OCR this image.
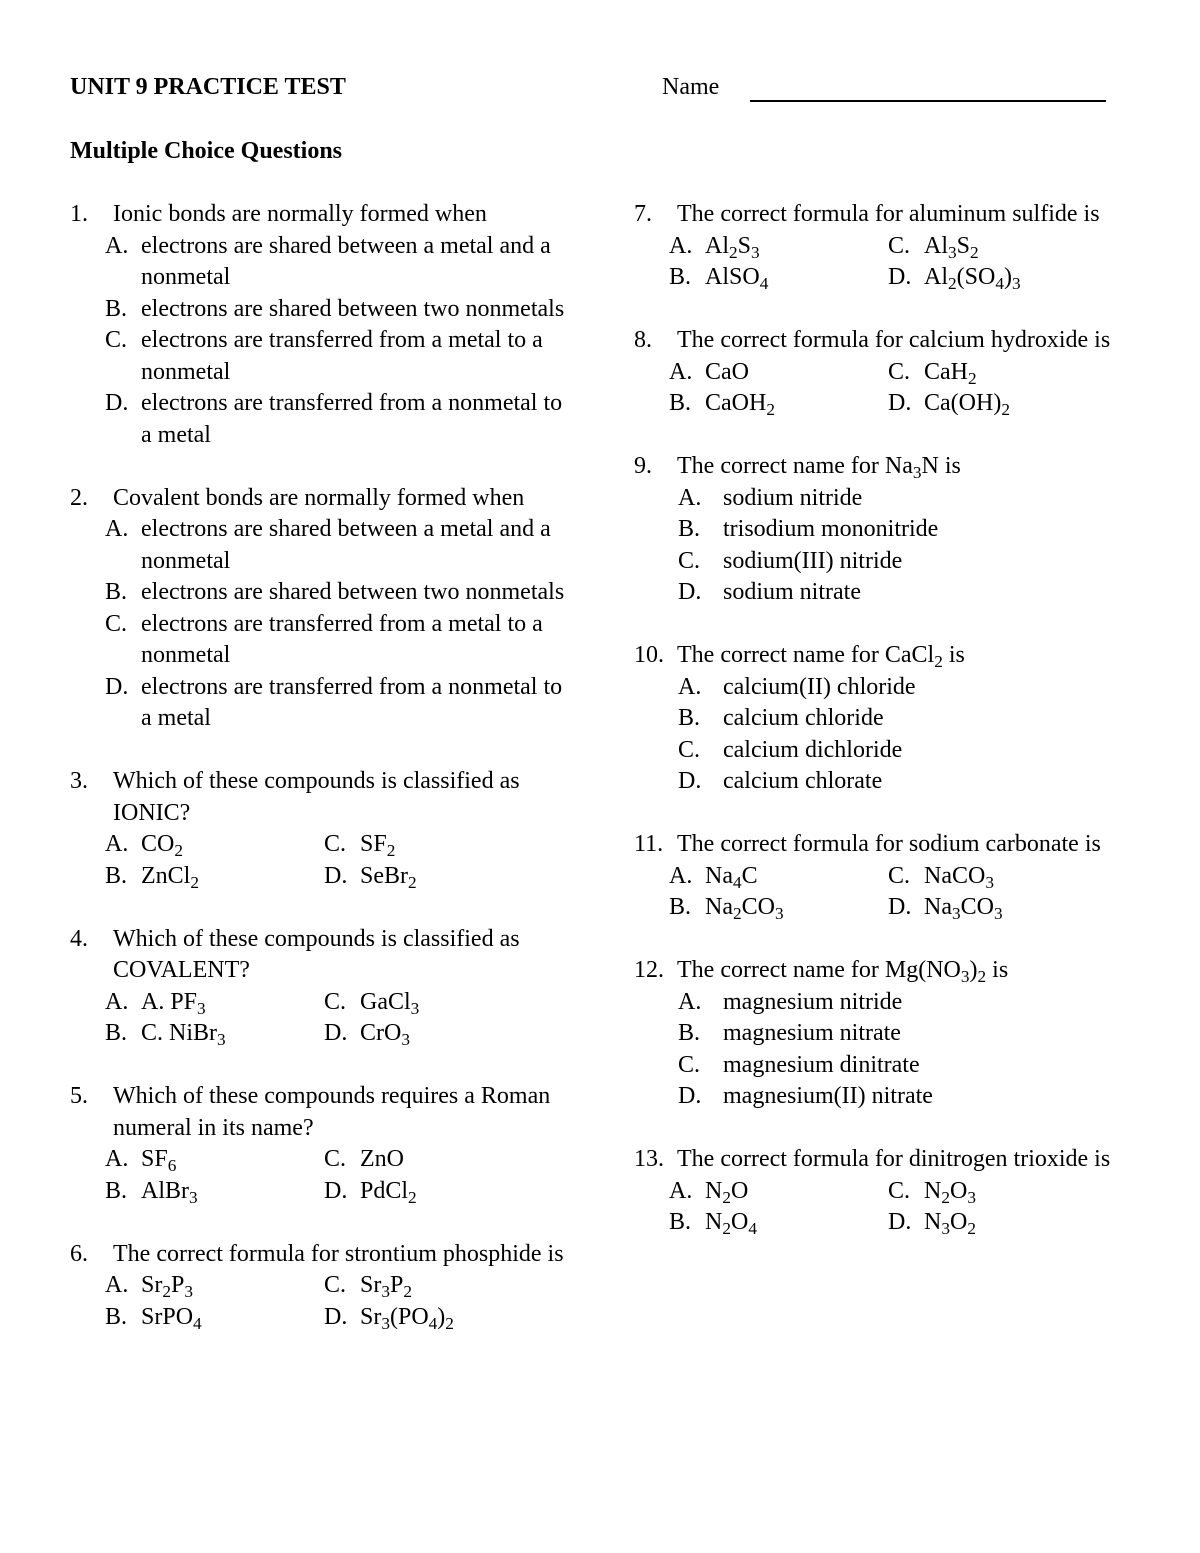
UNIT 9 PRACTICE TEST	Name
Multiple Choice Questions
1.	Ionic bonds are normally formed when
A. electrons are shared between a metal and a nonmetal
B. electrons are shared between two nonmetals
C. electrons are transferred from a metal to a nonmetal
D. electrons are transferred from a nonmetal to a metal
2.	Covalent bonds are normally formed when
A. electrons are shared between a metal and a nonmetal
B. electrons are shared between two nonmetals
C. electrons are transferred from a metal to a nonmetal
D. electrons are transferred from a nonmetal to a metal
3.	Which of these compounds is classified as IONIC?
A. $CO_2$	C. $SF_2$
B. ZnCl$_2$	D. SeBr$_2$
4.	Which of these compounds is classified as COVALENT?
A. A. $PF_3$	C. GaCl$_3$
B. C. NiBr$_3$	D. CrO$_3$
5.	Which of these compounds requires a Roman numeral in its name?
A. $SF_6$	C. ZnO
B. AlBr$_3$	D. PdCl$_2$
6.	The correct formula for strontium phosphide is
A. $Sr_2P_3$	C. $Sr_3P_2$
B. SrPO$_4$	D. $Sr_3(PO_4)_2$
7.	The correct formula for aluminum sulfide is
A. $Al_2S_3$	C. $Al_3S_2$
B. AlSO$_4$	D. $Al_2(SO_4)_3$
8.	The correct formula for calcium hydroxide is
A. CaO	C. CaH$_2$
B. CaOH$_2$	D. $Ca(OH)_2$
9.	The correct name for $Na_3N$ is
A. sodium nitride
B. trisodium mononitride
C. sodium(III) nitride
D. sodium nitrate
10. The correct name for CaCl$_2$ is
A. calcium(II) chloride
B. calcium chloride
C. calcium dichloride
D. calcium chlorate
11. The correct formula for sodium carbonate is
A. $Na_4C$	C. NaCO$_3$
B. $Na_2CO_3$	D. $Na_3CO_3$
12. The correct name for $Mg(NO_3)_2$ is
A. magnesium nitride
B. magnesium nitrate
C. magnesium dinitrate
D. magnesium(II) nitrate
13. The correct formula for dinitrogen trioxide is
A. $N_2O$	C. $N_2O_3$
B. $N_2O_4$	D. $N_3O_2$
